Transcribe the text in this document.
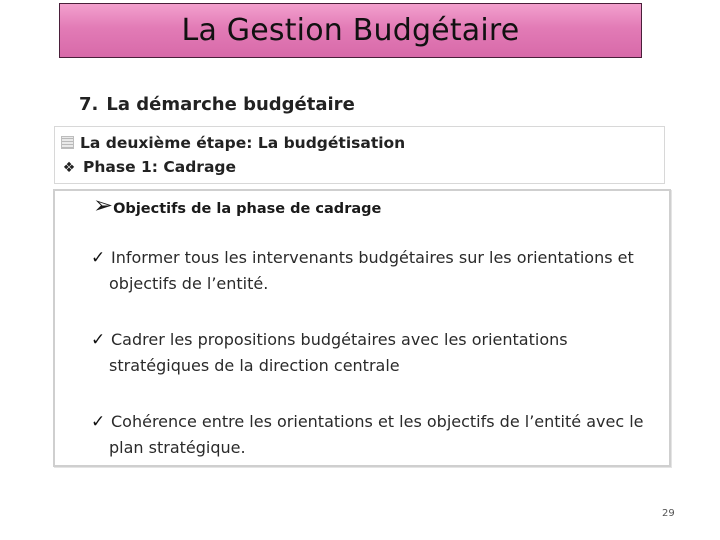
La Gestion Budgétaire
7. La démarche budgétaire
La deuxième étape: La budgétisation
❖ Phase 1: Cadrage
➢ Objectifs de la phase de cadrage
✓ Informer tous les intervenants budgétaires sur les orientations et
objectifs de l’entité.
✓ Cadrer les propositions budgétaires avec les orientations
stratégiques de la direction centrale
✓ Cohérence entre les orientations et les objectifs de l’entité avec le
plan stratégique.
29
